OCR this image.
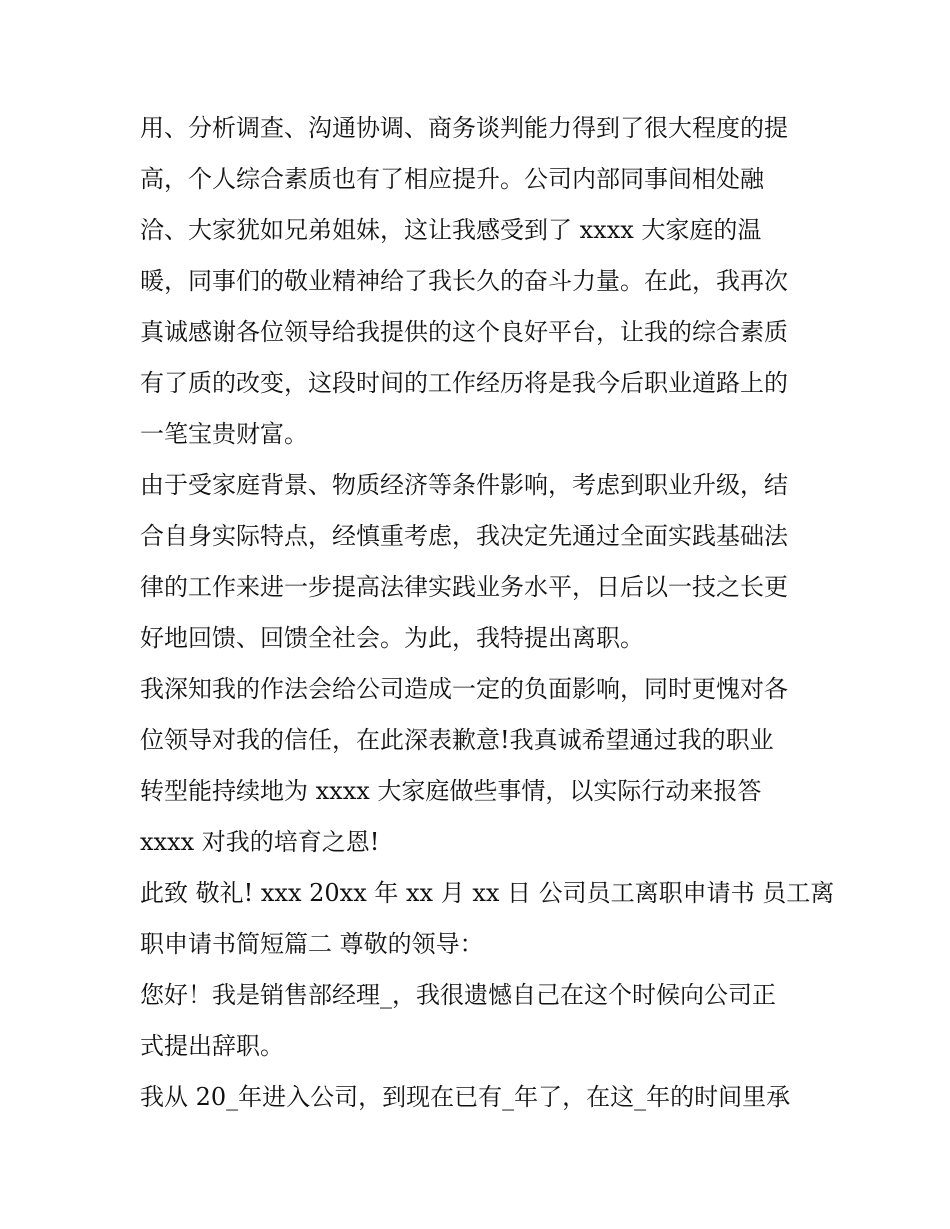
用、分析调查、沟通协调、商务谈判能力得到了很大程度的提
高，个人综合素质也有了相应提升。公司内部同事间相处融
洽、大家犹如兄弟姐妹，这让我感受到了 xxxx 大家庭的温
暖，同事们的敬业精神给了我长久的奋斗力量。在此，我再次
真诚感谢各位领导给我提供的这个良好平台，让我的综合素质
有了质的改变，这段时间的工作经历将是我今后职业道路上的
一笔宝贵财富。
由于受家庭背景、物质经济等条件影响，考虑到职业升级，结
合自身实际特点，经慎重考虑，我决定先通过全面实践基础法
律的工作来进一步提高法律实践业务水平，日后以一技之长更
好地回馈、回馈全社会。为此，我特提出离职。
我深知我的作法会给公司造成一定的负面影响，同时更愧对各
位领导对我的信任，在此深表歉意!我真诚希望通过我的职业
转型能持续地为 xxxx 大家庭做些事情，以实际行动来报答
xxxx 对我的培育之恩!
此致 敬礼! xxx 20xx 年 xx 月 xx 日 公司员工离职申请书 员工离
职申请书简短篇二 尊敬的领导：
您好！我是销售部经理_，我很遗憾自己在这个时候向公司正
式提出辞职。
我从 20_年进入公司，到现在已有_年了，在这_年的时间里承
